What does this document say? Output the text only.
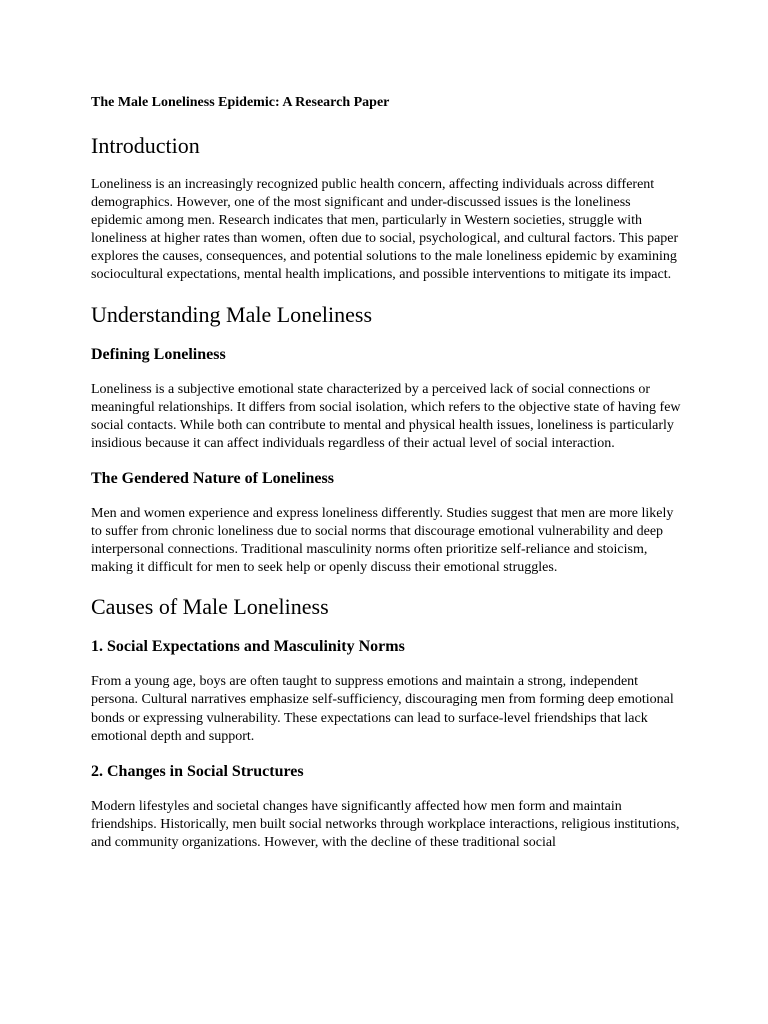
The Male Loneliness Epidemic: A Research Paper
Introduction

Loneliness is an increasingly recognized public health concern, affecting individuals across different demographics. However, one of the most significant and under-discussed issues is the loneliness epidemic among men. Research indicates that men, particularly in Western societies, struggle with loneliness at higher rates than women, often due to social, psychological, and cultural factors. This paper explores the causes, consequences, and potential solutions to the male loneliness epidemic by examining sociocultural expectations, mental health implications, and possible interventions to mitigate its impact.

Understanding Male Loneliness
Defining Loneliness

Loneliness is a subjective emotional state characterized by a perceived lack of social connections or meaningful relationships. It differs from social isolation, which refers to the objective state of having few social contacts. While both can contribute to mental and physical health issues, loneliness is particularly insidious because it can affect individuals regardless of their actual level of social interaction.

The Gendered Nature of Loneliness

Men and women experience and express loneliness differently. Studies suggest that men are more likely to suffer from chronic loneliness due to social norms that discourage emotional vulnerability and deep interpersonal connections. Traditional masculinity norms often prioritize self-reliance and stoicism, making it difficult for men to seek help or openly discuss their emotional struggles.

Causes of Male Loneliness
1. Social Expectations and Masculinity Norms

From a young age, boys are often taught to suppress emotions and maintain a strong, independent persona. Cultural narratives emphasize self-sufficiency, discouraging men from forming deep emotional bonds or expressing vulnerability. These expectations can lead to surface-level friendships that lack emotional depth and support.

2. Changes in Social Structures

Modern lifestyles and societal changes have significantly affected how men form and maintain friendships. Historically, men built social networks through workplace interactions, religious institutions, and community organizations. However, with the decline of these traditional social
